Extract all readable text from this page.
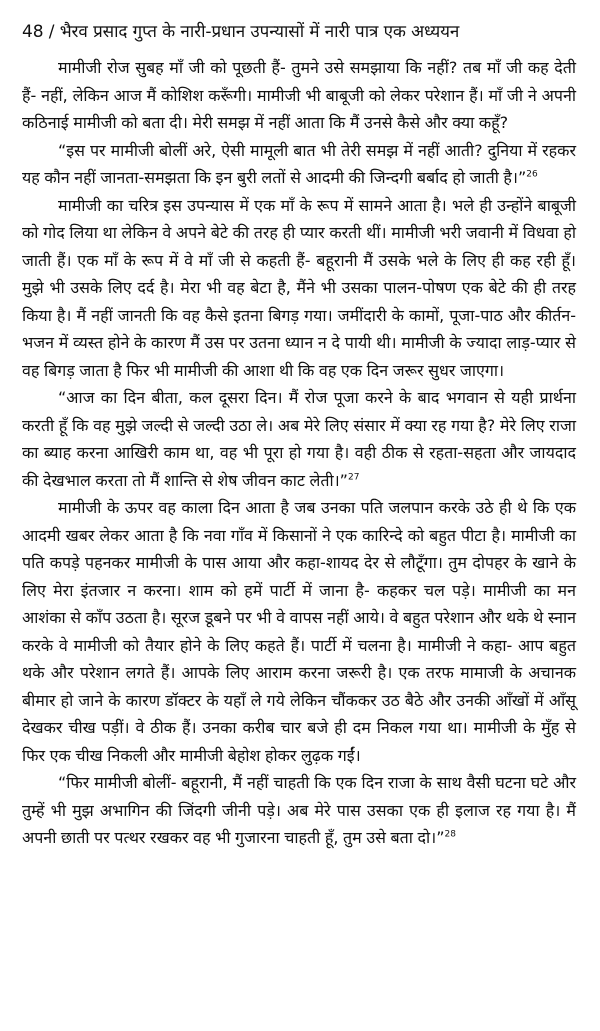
48 / भैरव प्रसाद गुप्त के नारी-प्रधान उपन्यासों में नारी पात्र एक अध्ययन

मामीजी रोज सुबह माँ जी को पूछती हैं- तुमने उसे समझाया कि नहीं? तब माँ जी कह देती हैं- नहीं, लेकिन आज मैं कोशिश करूँगी। मामीजी भी बाबूजी को लेकर परेशान हैं। माँ जी ने अपनी कठिनाई मामीजी को बता दी। मेरी समझ में नहीं आता कि मैं उनसे कैसे और क्या कहूँ?

“इस पर मामीजी बोलीं अरे, ऐसी मामूली बात भी तेरी समझ में नहीं आती? दुनिया में रहकर यह कौन नहीं जानता-समझता कि इन बुरी लतों से आदमी की जिन्दगी बर्बाद हो जाती है।”$^{26}$

मामीजी का चरित्र इस उपन्यास में एक माँ के रूप में सामने आता है। भले ही उन्होंने बाबूजी को गोद लिया था लेकिन वे अपने बेटे की तरह ही प्यार करती थीं। मामीजी भरी जवानी में विधवा हो जाती हैं। एक माँ के रूप में वे माँ जी से कहती हैं- बहूरानी मैं उसके भले के लिए ही कह रही हूँ। मुझे भी उसके लिए दर्द है। मेरा भी वह बेटा है, मैंने भी उसका पालन-पोषण एक बेटे की ही तरह किया है। मैं नहीं जानती कि वह कैसे इतना बिगड़ गया। जमींदारी के कामों, पूजा-पाठ और कीर्तन-भजन में व्यस्त होने के कारण मैं उस पर उतना ध्यान न दे पायी थी। मामीजी के ज्यादा लाड़-प्यार से वह बिगड़ जाता है फिर भी मामीजी की आशा थी कि वह एक दिन जरूर सुधर जाएगा।

“आज का दिन बीता, कल दूसरा दिन। मैं रोज पूजा करने के बाद भगवान से यही प्रार्थना करती हूँ कि वह मुझे जल्दी से जल्दी उठा ले। अब मेरे लिए संसार में क्या रह गया है? मेरे लिए राजा का ब्याह करना आखिरी काम था, वह भी पूरा हो गया है। वही ठीक से रहता-सहता और जायदाद की देखभाल करता तो मैं शान्ति से शेष जीवन काट लेती।”$^{27}$

मामीजी के ऊपर वह काला दिन आता है जब उनका पति जलपान करके उठे ही थे कि एक आदमी खबर लेकर आता है कि नवा गाँव में किसानों ने एक कारिन्दे को बहुत पीटा है। मामीजी का पति कपड़े पहनकर मामीजी के पास आया और कहा-शायद देर से लौटूँगा। तुम दोपहर के खाने के लिए मेरा इंतजार न करना। शाम को हमें पार्टी में जाना है- कहकर चल पड़े। मामीजी का मन आशंका से काँप उठता है। सूरज डूबने पर भी वे वापस नहीं आये। वे बहुत परेशान और थके थे स्नान करके वे मामीजी को तैयार होने के लिए कहते हैं। पार्टी में चलना है। मामीजी ने कहा- आप बहुत थके और परेशान लगते हैं। आपके लिए आराम करना जरूरी है। एक तरफ मामाजी के अचानक बीमार हो जाने के कारण डॉक्टर के यहाँ ले गये लेकिन चौंककर उठ बैठे और उनकी आँखों में आँसू देखकर चीख पड़ीं। वे ठीक हैं। उनका करीब चार बजे ही दम निकल गया था। मामीजी के मुँह से फिर एक चीख निकली और मामीजी बेहोश होकर लुढ़क गईं।

“फिर मामीजी बोलीं- बहूरानी, मैं नहीं चाहती कि एक दिन राजा के साथ वैसी घटना घटे और तुम्हें भी मुझ अभागिन की जिंदगी जीनी पड़े। अब मेरे पास उसका एक ही इलाज रह गया है। मैं अपनी छाती पर पत्थर रखकर वह भी गुजारना चाहती हूँ, तुम उसे बता दो।”$^{28}$
